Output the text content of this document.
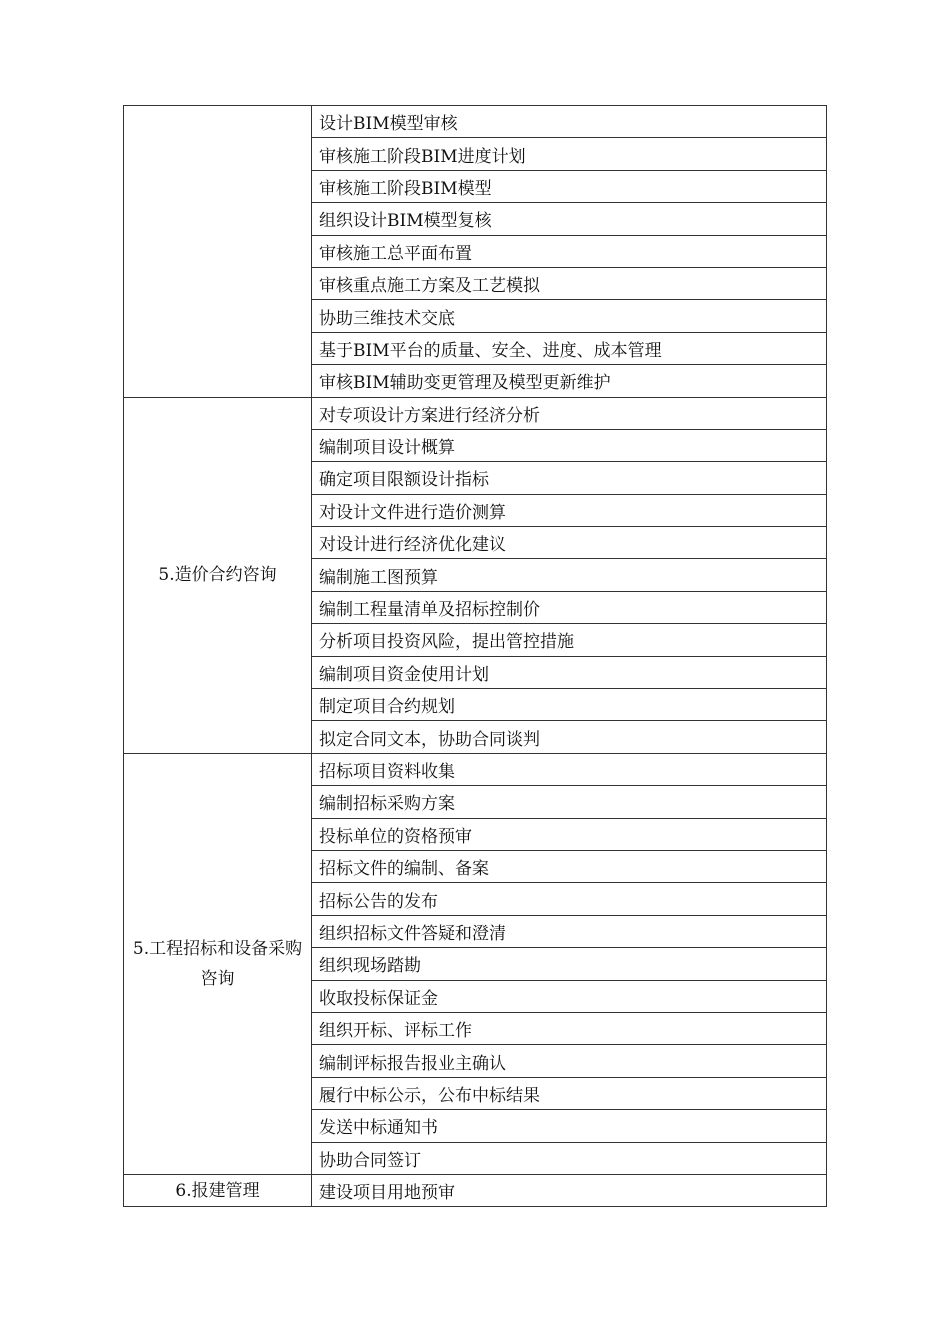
	设计BIM模型审核
	审核施工阶段BIM进度计划
	审核施工阶段BIM模型
	组织设计BIM模型复核
	审核施工总平面布置
	审核重点施工方案及工艺模拟
	协助三维技术交底
	基于BIM平台的质量、安全、进度、成本管理
	审核BIM辅助变更管理及模型更新维护
5.造价合约咨询	对专项设计方案进行经济分析
	编制项目设计概算
	确定项目限额设计指标
	对设计文件进行造价测算
	对设计进行经济优化建议
	编制施工图预算
	编制工程量清单及招标控制价
	分析项目投资风险，提出管控措施
	编制项目资金使用计划
	制定项目合约规划
	拟定合同文本，协助合同谈判
5.工程招标和设备采购咨询	招标项目资料收集
	编制招标采购方案
	投标单位的资格预审
	招标文件的编制、备案
	招标公告的发布
	组织招标文件答疑和澄清
	组织现场踏勘
	收取投标保证金
	组织开标、评标工作
	编制评标报告报业主确认
	履行中标公示，公布中标结果
	发送中标通知书
	协助合同签订
6.报建管理	建设项目用地预审
